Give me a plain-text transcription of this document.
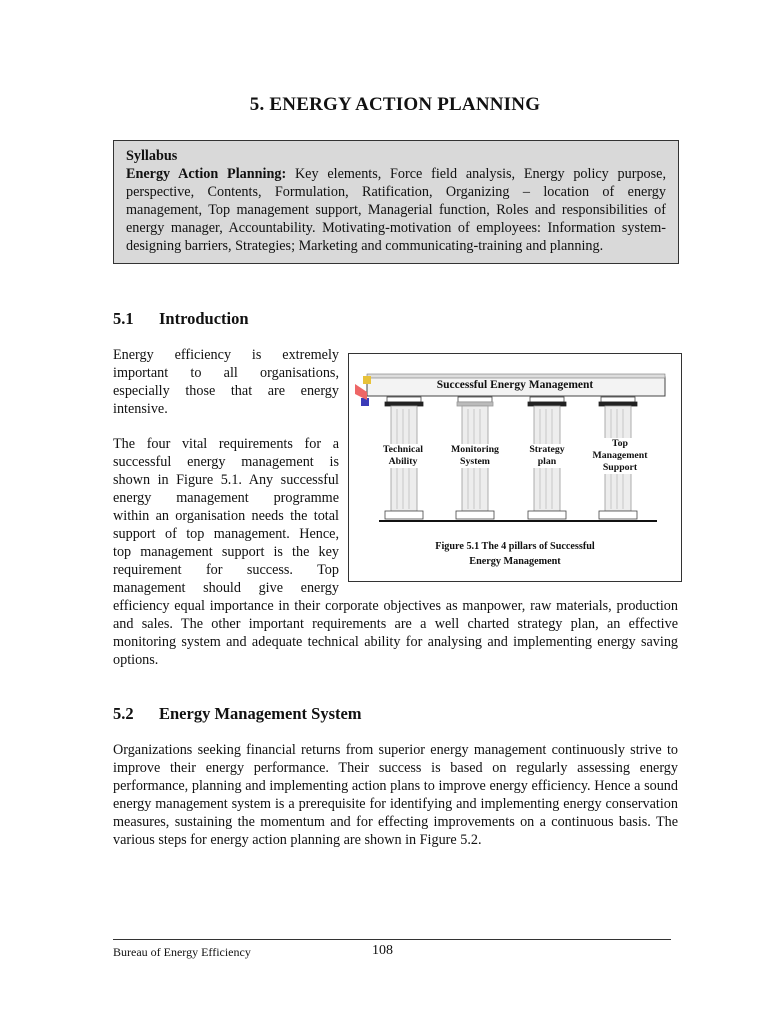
5. ENERGY ACTION PLANNING
Syllabus
Energy Action Planning: Key elements, Force field analysis, Energy policy purpose, perspective, Contents, Formulation, Ratification, Organizing – location of energy management, Top management support, Managerial function, Roles and responsibilities of energy manager, Accountability. Motivating-motivation of employees: Information system-designing barriers, Strategies; Marketing and communicating-training and planning.
5.1 Introduction
Energy efficiency is extremely important to all organisations, especially those that are energy intensive.
The four vital requirements for a
successful energy management is
shown in Figure 5.1. Any successful
energy management programme
within an organisation needs the total
support of top management. Hence,
top management support is the key
requirement for success. Top
management should give energy
efficiency equal importance in their corporate objectives as manpower, raw materials, production and sales. The other important requirements are a well charted strategy plan, an effective monitoring system and adequate technical ability for analysing and implementing energy saving options.
Successful Energy Management
Technical
Ability
Monitoring
System
Strategy
plan
Top
Management
Support
Figure 5.1 The 4 pillars of Successful
Energy Management
5.2 Energy Management System
Organizations seeking financial returns from superior energy management continuously strive to improve their energy performance. Their success is based on regularly assessing energy performance, planning and implementing action plans to improve energy efficiency. Hence a sound energy management system is a prerequisite for identifying and implementing energy conservation measures, sustaining the momentum and for effecting improvements on a continuous basis. The various steps for energy action planning are shown in Figure 5.2.
Bureau of Energy Efficiency	108
